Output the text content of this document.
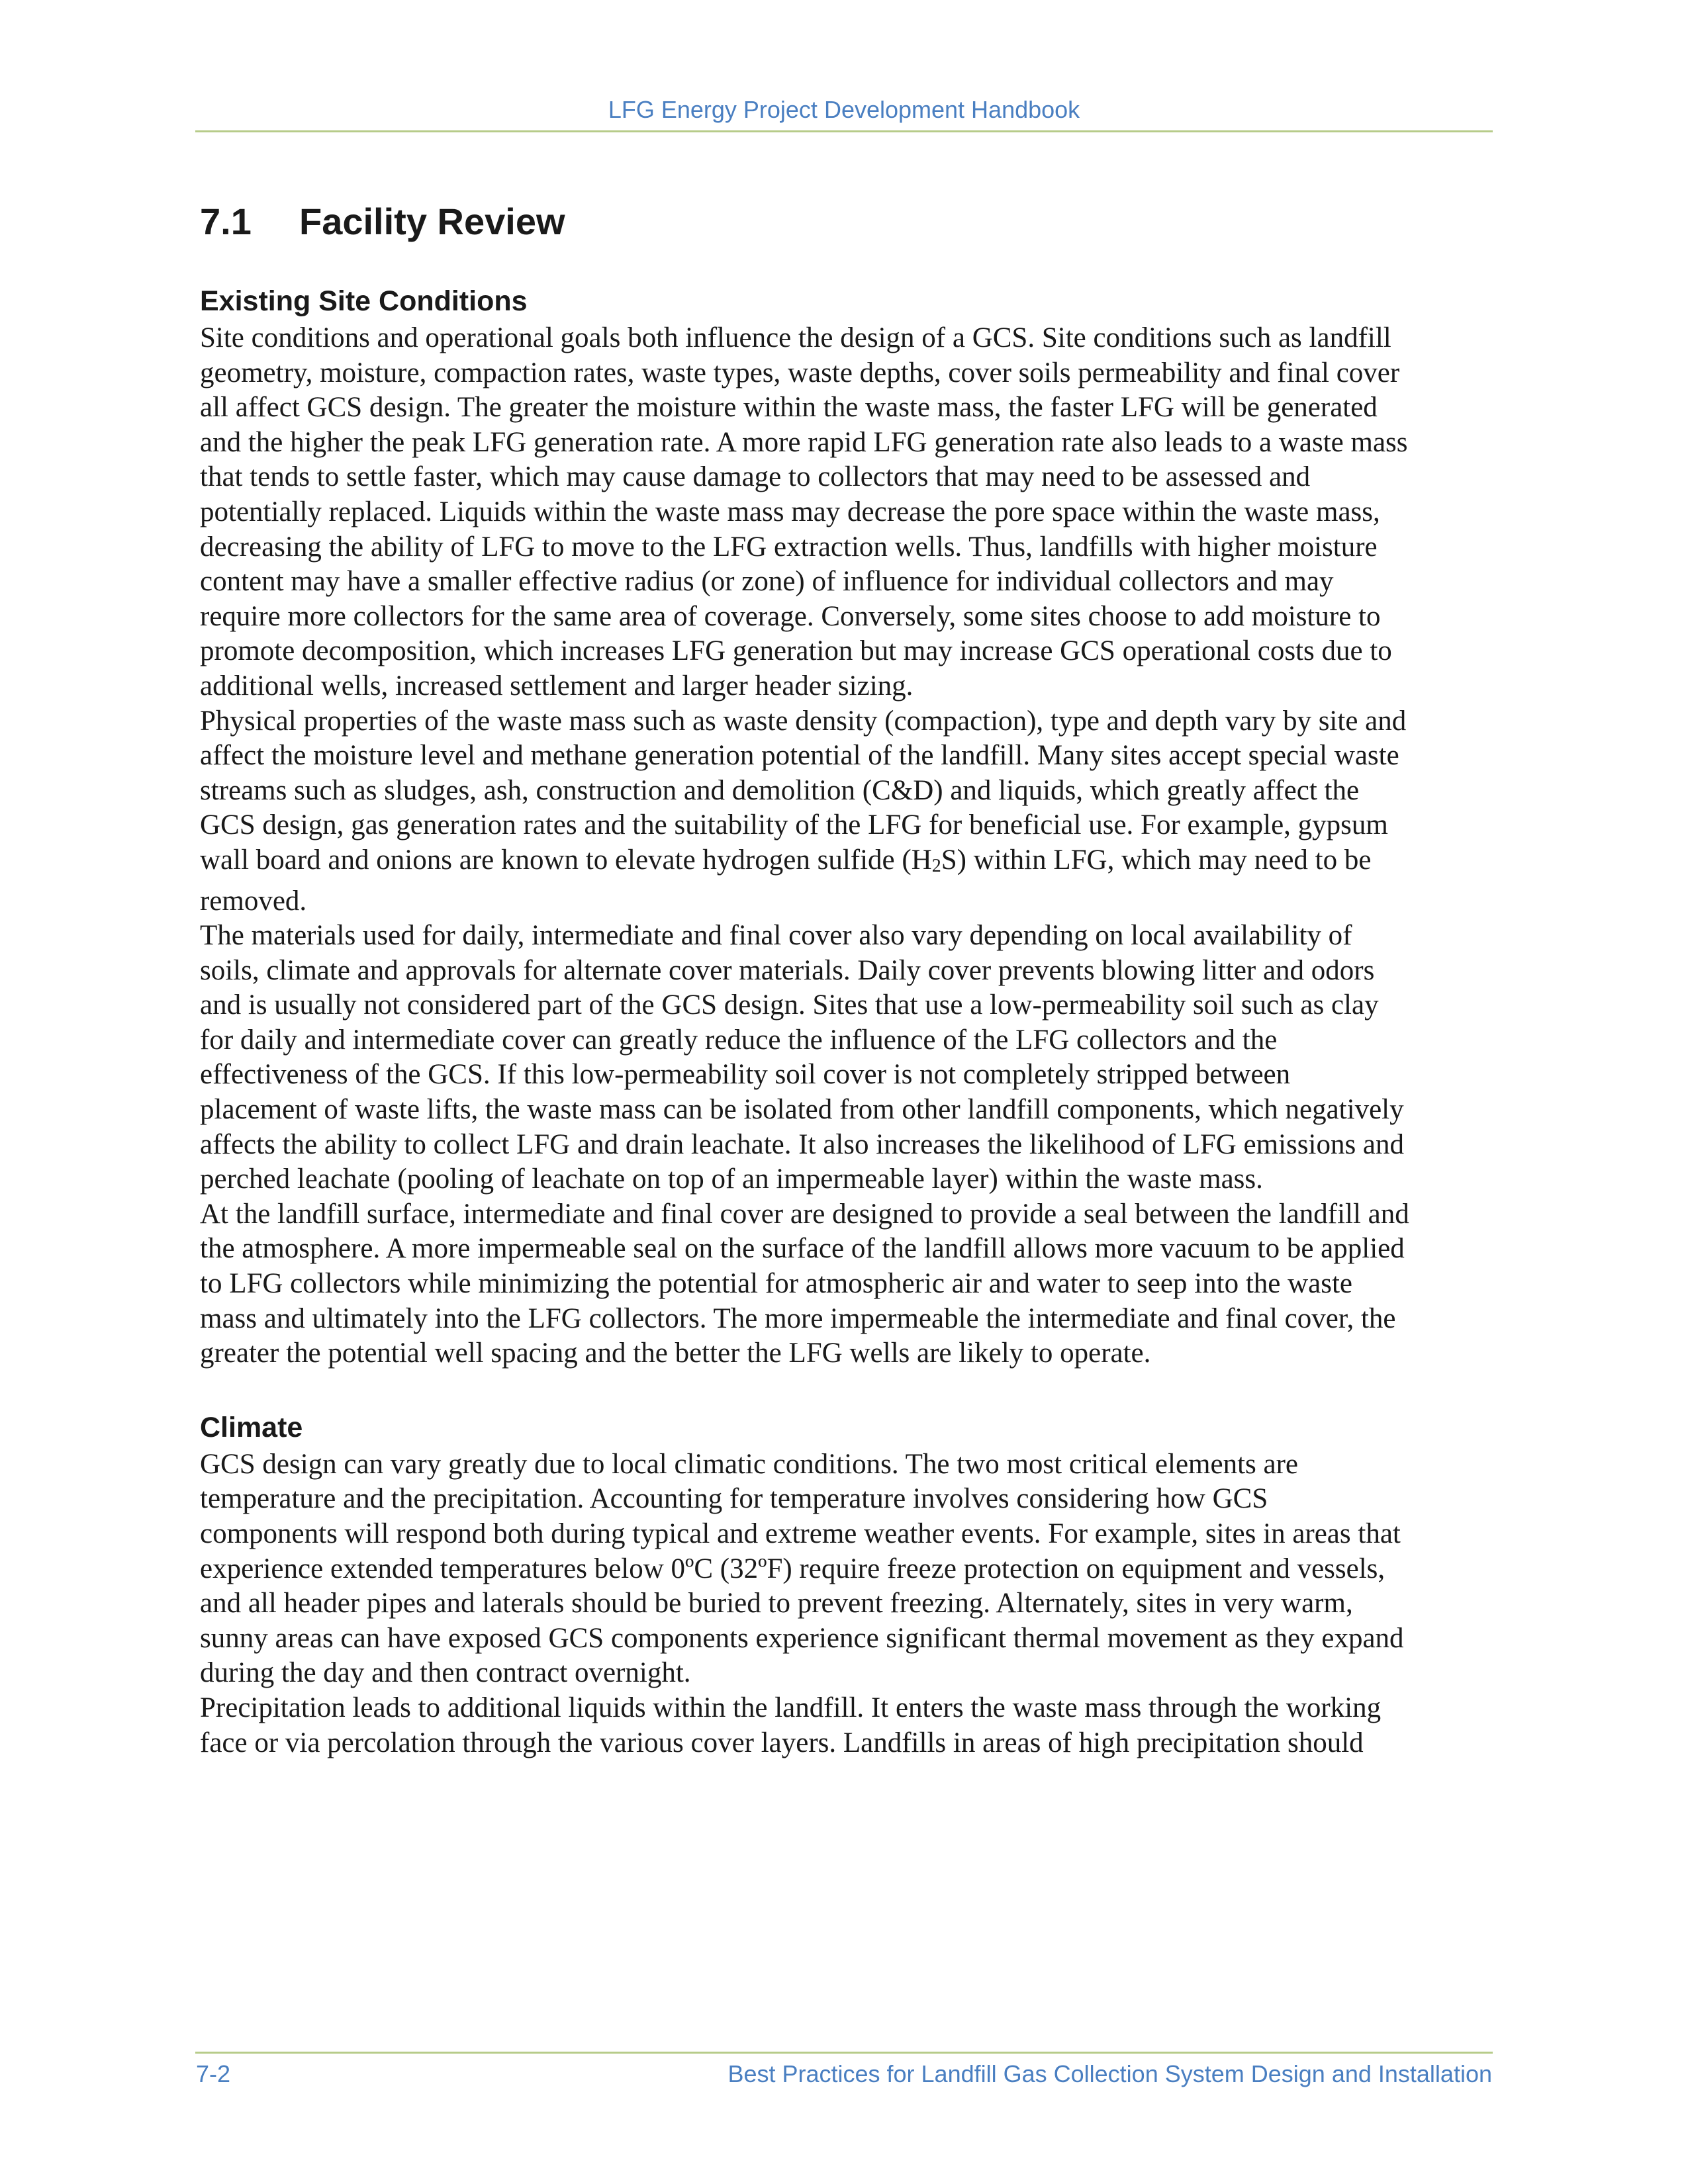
LFG Energy Project Development Handbook
7.1 Facility Review
Existing Site Conditions

Site conditions and operational goals both influence the design of a GCS. Site conditions such as landfill
geometry, moisture, compaction rates, waste types, waste depths, cover soils permeability and final cover
all affect GCS design. The greater the moisture within the waste mass, the faster LFG will be generated
and the higher the peak LFG generation rate. A more rapid LFG generation rate also leads to a waste mass
that tends to settle faster, which may cause damage to collectors that may need to be assessed and
potentially replaced. Liquids within the waste mass may decrease the pore space within the waste mass,
decreasing the ability of LFG to move to the LFG extraction wells. Thus, landfills with higher moisture
content may have a smaller effective radius (or zone) of influence for individual collectors and may
require more collectors for the same area of coverage. Conversely, some sites choose to add moisture to
promote decomposition, which increases LFG generation but may increase GCS operational costs due to
additional wells, increased settlement and larger header sizing.

Physical properties of the waste mass such as waste density (compaction), type and depth vary by site and
affect the moisture level and methane generation potential of the landfill. Many sites accept special waste
streams such as sludges, ash, construction and demolition (C&D) and liquids, which greatly affect the
GCS design, gas generation rates and the suitability of the LFG for beneficial use. For example, gypsum
wall board and onions are known to elevate hydrogen sulfide $(H_2S)$ within LFG, which may need to be
removed.

The materials used for daily, intermediate and final cover also vary depending on local availability of
soils, climate and approvals for alternate cover materials. Daily cover prevents blowing litter and odors
and is usually not considered part of the GCS design. Sites that use a low-permeability soil such as clay
for daily and intermediate cover can greatly reduce the influence of the LFG collectors and the
effectiveness of the GCS. If this low-permeability soil cover is not completely stripped between
placement of waste lifts, the waste mass can be isolated from other landfill components, which negatively
affects the ability to collect LFG and drain leachate. It also increases the likelihood of LFG emissions and
perched leachate (pooling of leachate on top of an impermeable layer) within the waste mass.

At the landfill surface, intermediate and final cover are designed to provide a seal between the landfill and
the atmosphere. A more impermeable seal on the surface of the landfill allows more vacuum to be applied
to LFG collectors while minimizing the potential for atmospheric air and water to seep into the waste
mass and ultimately into the LFG collectors. The more impermeable the intermediate and final cover, the
greater the potential well spacing and the better the LFG wells are likely to operate.

Climate

GCS design can vary greatly due to local climatic conditions. The two most critical elements are
temperature and the precipitation. Accounting for temperature involves considering how GCS
components will respond both during typical and extreme weather events. For example, sites in areas that
experience extended temperatures below 0ºC (32ºF) require freeze protection on equipment and vessels,
and all header pipes and laterals should be buried to prevent freezing. Alternately, sites in very warm,
sunny areas can have exposed GCS components experience significant thermal movement as they expand
during the day and then contract overnight.

Precipitation leads to additional liquids within the landfill. It enters the waste mass through the working
face or via percolation through the various cover layers. Landfills in areas of high precipitation should

7-2	Best Practices for Landfill Gas Collection System Design and Installation
